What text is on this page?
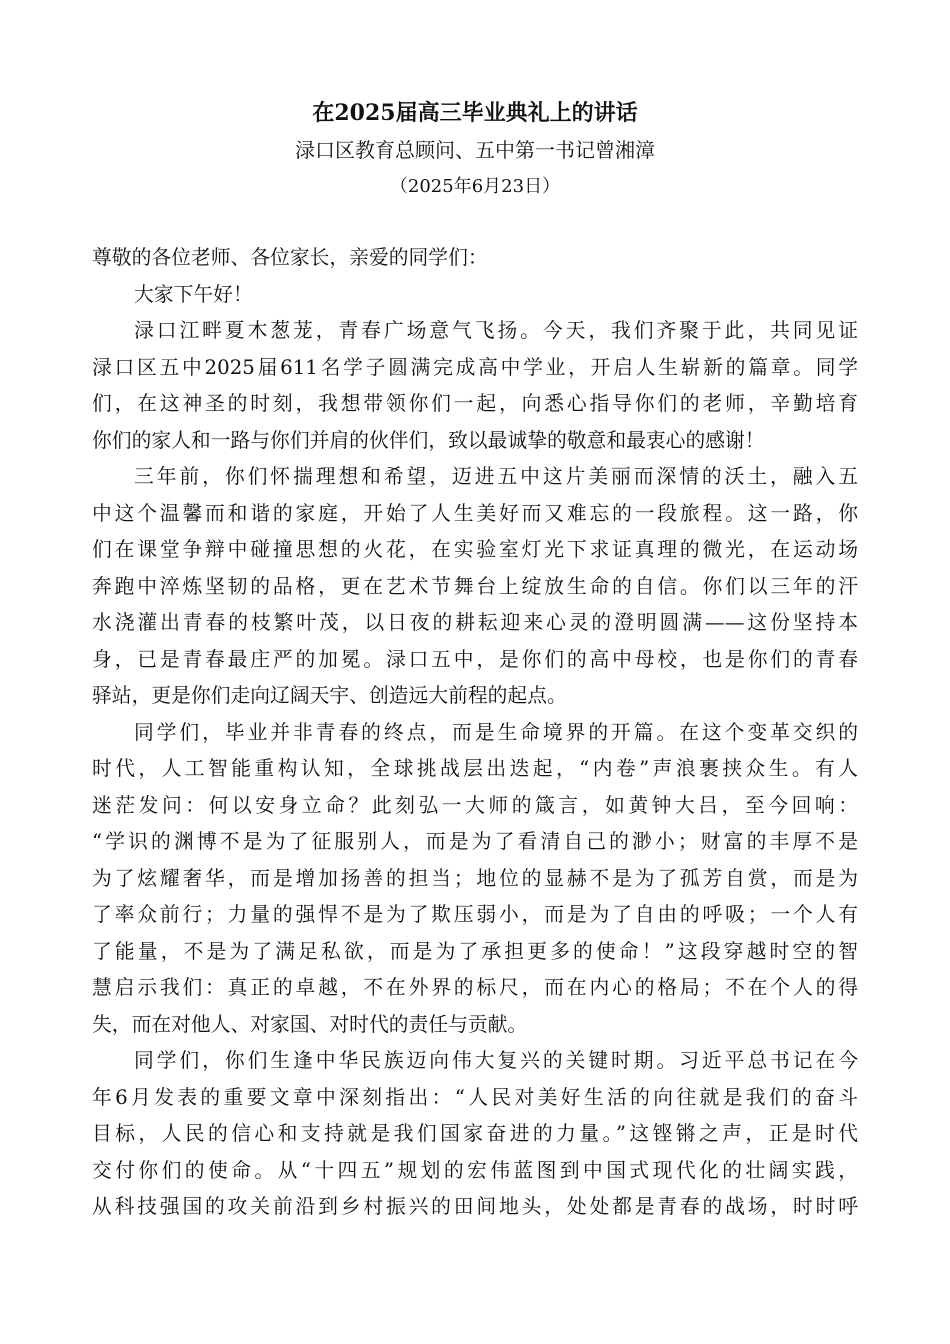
在2025届高三毕业典礼上的讲话
渌口区教育总顾问、五中第一书记曾湘漳
（2025年6月23日）
尊敬的各位老师、各位家长，亲爱的同学们：
大家下午好！
渌口江畔夏木葱茏，青春广场意气飞扬。今天，我们齐聚于此，共同见证
渌口区五中2025届611名学子圆满完成高中学业，开启人生崭新的篇章。同学
们，在这神圣的时刻，我想带领你们一起，向悉心指导你们的老师，辛勤培育
你们的家人和一路与你们并肩的伙伴们，致以最诚挚的敬意和最衷心的感谢！
三年前，你们怀揣理想和希望，迈进五中这片美丽而深情的沃土，融入五
中这个温馨而和谐的家庭，开始了人生美好而又难忘的一段旅程。这一路，你
们在课堂争辩中碰撞思想的火花，在实验室灯光下求证真理的微光，在运动场
奔跑中淬炼坚韧的品格，更在艺术节舞台上绽放生命的自信。你们以三年的汗
水浇灌出青春的枝繁叶茂，以日夜的耕耘迎来心灵的澄明圆满——这份坚持本
身，已是青春最庄严的加冕。渌口五中，是你们的高中母校，也是你们的青春
驿站，更是你们走向辽阔天宇、创造远大前程的起点。
同学们，毕业并非青春的终点，而是生命境界的开篇。在这个变革交织的
时代，人工智能重构认知，全球挑战层出迭起，“内卷”声浪裹挟众生。有人
迷茫发问：何以安身立命？此刻弘一大师的箴言，如黄钟大吕，至今回响：
“学识的渊博不是为了征服别人，而是为了看清自己的渺小；财富的丰厚不是
为了炫耀奢华，而是增加扬善的担当；地位的显赫不是为了孤芳自赏，而是为
了率众前行；力量的强悍不是为了欺压弱小，而是为了自由的呼吸；一个人有
了能量，不是为了满足私欲，而是为了承担更多的使命！”这段穿越时空的智
慧启示我们：真正的卓越，不在外界的标尺，而在内心的格局；不在个人的得
失，而在对他人、对家国、对时代的责任与贡献。
同学们，你们生逢中华民族迈向伟大复兴的关键时期。习近平总书记在今
年6月发表的重要文章中深刻指出：“人民对美好生活的向往就是我们的奋斗
目标，人民的信心和支持就是我们国家奋进的力量。”这铿锵之声，正是时代
交付你们的使命。从“十四五”规划的宏伟蓝图到中国式现代化的壮阔实践，
从科技强国的攻关前沿到乡村振兴的田间地头，处处都是青春的战场，时时呼
